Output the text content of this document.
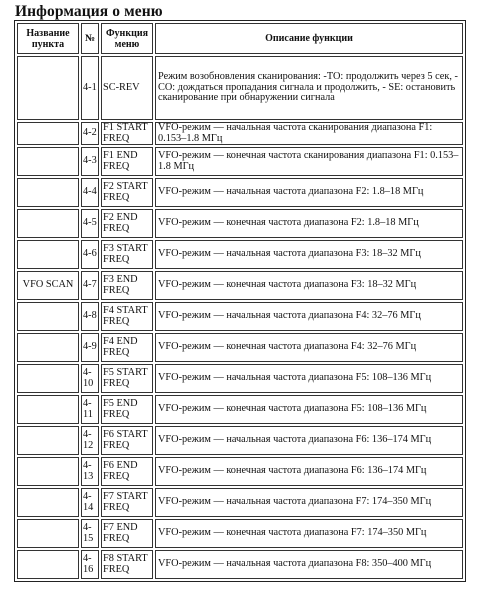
Информация о меню
Название пункта	№	Функция меню	Описание функции
	4-1	SC-REV	Режим возобновления сканирования: -TO: продолжить через 5 сек, - CO: дождаться пропадания сигнала и продолжить, - SE: остановить сканирование при обнаружении сигнала
	4-2	F1 START FREQ	VFO-режим — начальная частота сканирования диапазона F1: 0.153–1.8 МГц
	4-3	F1 END FREQ	VFO-режим — конечная частота сканирования диапазона F1: 0.153–1.8 МГц
	4-4	F2 START FREQ	VFO-режим — начальная частота диапазона F2: 1.8–18 МГц
	4-5	F2 END FREQ	VFO-режим — конечная частота диапазона F2: 1.8–18 МГц
	4-6	F3 START FREQ	VFO-режим — начальная частота диапазона F3: 18–32 МГц
VFO SCAN	4-7	F3 END FREQ	VFO-режим — конечная частота диапазона F3: 18–32 МГц
	4-8	F4 START FREQ	VFO-режим — начальная частота диапазона F4: 32–76 МГц
	4-9	F4 END FREQ	VFO-режим — конечная частота диапазона F4: 32–76 МГц
	4-10	F5 START FREQ	VFO-режим — начальная частота диапазона F5: 108–136 МГц
	4-11	F5 END FREQ	VFO-режим — конечная частота диапазона F5: 108–136 МГц
	4-12	F6 START FREQ	VFO-режим — начальная частота диапазона F6: 136–174 МГц
	4-13	F6 END FREQ	VFO-режим — конечная частота диапазона F6: 136–174 МГц
	4-14	F7 START FREQ	VFO-режим — начальная частота диапазона F7: 174–350 МГц
	4-15	F7 END FREQ	VFO-режим — конечная частота диапазона F7: 174–350 МГц
	4-16	F8 START FREQ	VFO-режим — начальная частота диапазона F8: 350–400 МГц
